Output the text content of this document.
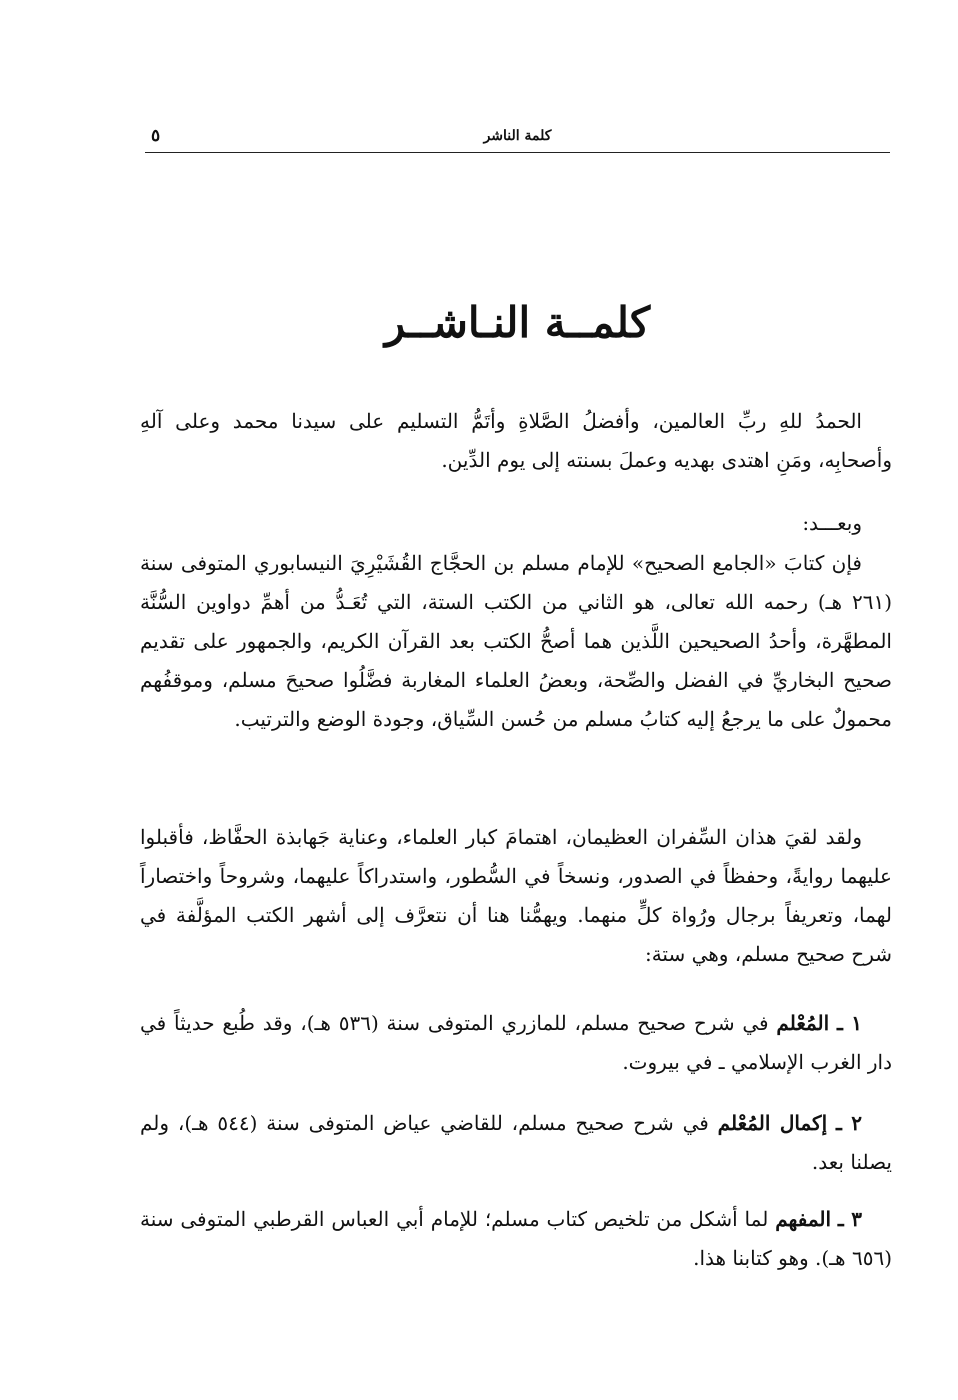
كلمة الناشر
٥
كلمــة النـاشــر
الحمدُ للهِ ربِّ العالمين، وأفضلُ الصَّلاةِ وأتَمُّ التسليم على سيدنا محمد وعلى آلهِ وأصحابِه، ومَنِ اهتدى بهديه وعملَ بسنته إلى يوم الدِّين.
وبعـــد:
فإن كتابَ «الجامع الصحيح» للإمام مسلم بن الحجَّاج القُشَيْرِيَ النيسابوري المتوفى سنة (٢٦١ هـ) رحمه الله تعالى، هو الثاني من الكتب الستة، التي تُعَـدُّ من أهمِّ دواوين السُّنَّة المطهَّرة، وأحدُ الصحيحين اللَّذين هما أصحُّ الكتب بعد القرآن الكريم، والجمهور على تقديم صحيح البخاريِّ في الفضل والصِّحة، وبعضُ العلماء المغاربة فضَّلُوا صحيحَ مسلم، وموقفُهم محمولٌ على ما يرجعُ إليه كتابُ مسلم من حُسن السِّياق، وجودة الوضع والترتيب.
ولقد لقيَ هذان السِّفران العظيمان، اهتمامَ كبار العلماء، وعناية جَهابذة الحفَّاظ، فأقبلوا عليهما روايةً، وحفظاً في الصدور، ونسخاً في السُّطور، واستدراكاً عليهما، وشروحاً واختصاراً لهما، وتعريفاً برجال ورُواة كلٍّ منهما. ويهمُّنا هنا أن نتعرَّف إلى أشهر الكتب المؤلَّفة في شرح صحيح مسلم، وهي ستة:
١ ـ المُعْلم في شرح صحيح مسلم، للمازري المتوفى سنة (٥٣٦ هـ)، وقد طُبع حديثاً في دار الغرب الإسلامي ـ في بيروت.
٢ ـ إكمال المُعْلم في شرح صحيح مسلم، للقاضي عياض المتوفى سنة (٥٤٤ هـ)، ولم يصلنا بعد.
٣ ـ المفهم لما أشكل من تلخيص كتاب مسلم؛ للإمام أبي العباس القرطبي المتوفى سنة (٦٥٦ هـ). وهو كتابنا هذا.
